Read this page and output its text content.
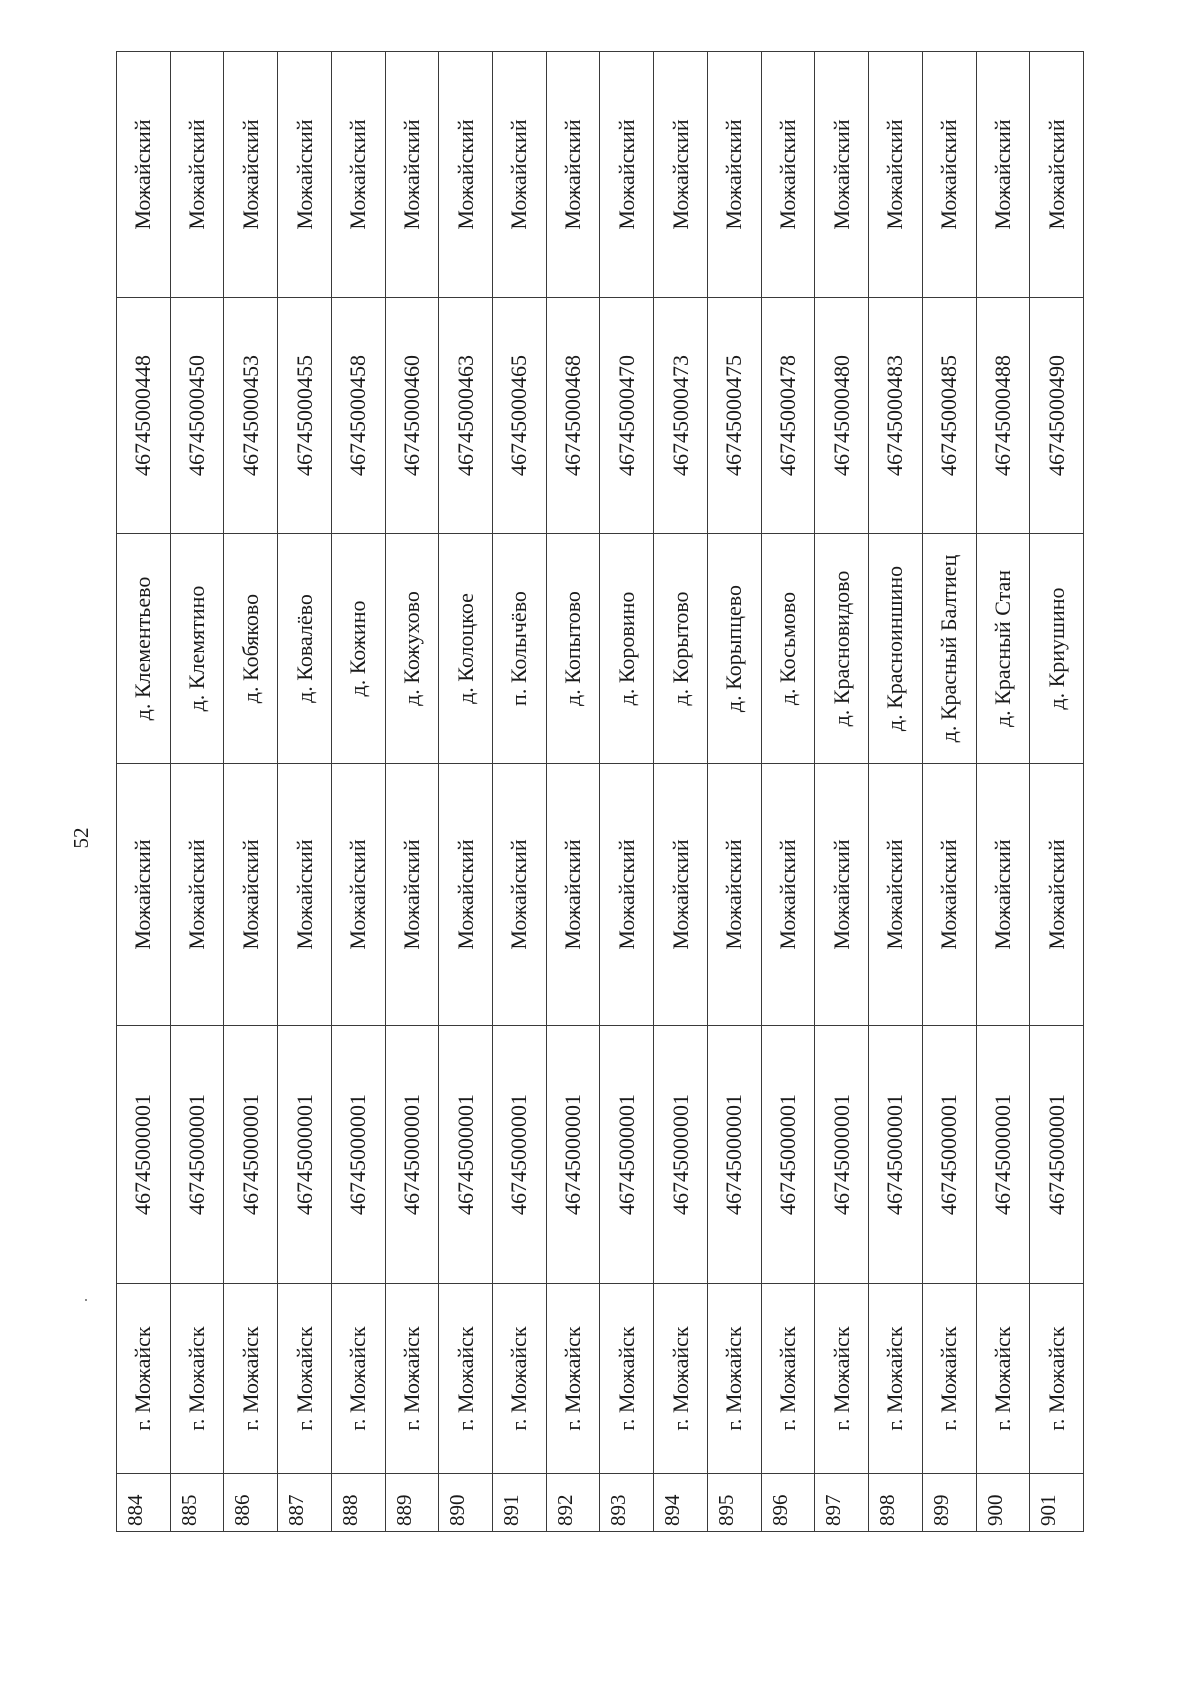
52
884	г. Можайск	46745000001	Можайский	д. Клементьево	46745000448	Можайский
885	г. Можайск	46745000001	Можайский	д. Клемятино	46745000450	Можайский
886	г. Можайск	46745000001	Можайский	д. Кобяково	46745000453	Можайский
887	г. Можайск	46745000001	Можайский	д. Ковалёво	46745000455	Можайский
888	г. Можайск	46745000001	Можайский	д. Кожино	46745000458	Можайский
889	г. Можайск	46745000001	Можайский	д. Кожухово	46745000460	Можайский
890	г. Можайск	46745000001	Можайский	д. Колоцкое	46745000463	Можайский
891	г. Можайск	46745000001	Можайский	п. Колычёво	46745000465	Можайский
892	г. Можайск	46745000001	Можайский	д. Копытово	46745000468	Можайский
893	г. Можайск	46745000001	Можайский	д. Коровино	46745000470	Можайский
894	г. Можайск	46745000001	Можайский	д. Корытово	46745000473	Можайский
895	г. Можайск	46745000001	Можайский	д. Корыпцево	46745000475	Можайский
896	г. Можайск	46745000001	Можайский	д. Косьмово	46745000478	Можайский
897	г. Можайск	46745000001	Можайский	д. Красновидово	46745000480	Можайский
898	г. Можайск	46745000001	Можайский	д. Красноиншино	46745000483	Можайский
899	г. Можайск	46745000001	Можайский	д. Красный Балтиец	46745000485	Можайский
900	г. Можайск	46745000001	Можайский	д. Красный Стан	46745000488	Можайский
901	г. Можайск	46745000001	Можайский	д. Криушино	46745000490	Можайский
